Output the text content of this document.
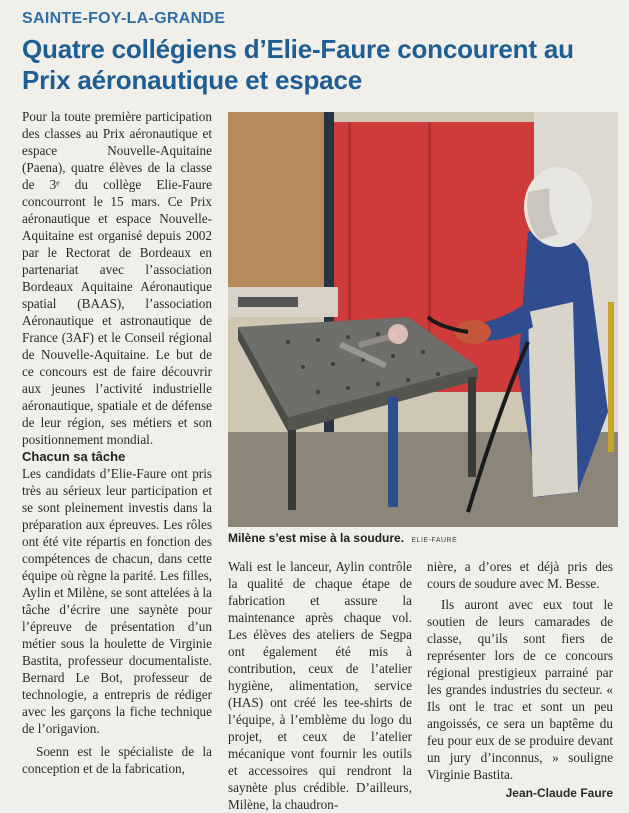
SAINTE-FOY-LA-GRANDE
Quatre collégiens d’Elie-Faure concourent au Prix aéronautique et espace

Pour la toute première participation des classes au Prix aéronautique et espace Nouvelle-Aquitaine (Paena), quatre élèves de la classe de 3ᵉ du collège Elie-Faure concourront le 15 mars. Ce Prix aéronautique et espace Nouvelle-Aquitaine est organisé depuis 2002 par le Rectorat de Bordeaux en partenariat avec l’association Bordeaux Aquitaine Aéronautique spatial (BAAS), l’association Aéronautique et astronautique de France (3AF) et le Conseil régional de Nouvelle-Aquitaine. Le but de ce concours est de faire découvrir aux jeunes l’activité industrielle aéronautique, spatiale et de défense de leur région, ses métiers et son positionnement mondial.

Chacun sa tâche

Les candidats d’Elie-Faure ont pris très au sérieux leur participation et se sont pleinement investis dans la préparation aux épreuves. Les rôles ont été vite répartis en fonction des compétences de chacun, dans cette équipe où règne la parité. Les filles, Aylin et Milène, se sont attelées à la tâche d’écrire une saynète pour l’épreuve de présentation d’un métier sous la houlette de Virginie Bastita, professeur documentaliste. Bernard Le Bot, professeur de technologie, a entrepris de rédiger avec les garçons la fiche technique de l’origavion.

Soenn est le spécialiste de la conception et de la fabrication,

Milène s’est mise à la soudure. ELIE-FAURE

Wali est le lanceur, Aylin contrôle la qualité de chaque étape de fabrication et assure la maintenance après chaque vol. Les élèves des ateliers de Segpa ont également été mis à contribution, ceux de l’atelier hygiène, alimentation, service (HAS) ont créé les tee-shirts de l’équipe, à l’emblème du logo du projet, et ceux de l’atelier mécanique vont fournir les outils et accessoires qui rendront la saynète plus crédible. D’ailleurs, Milène, la chaudron-

nière, a d’ores et déjà pris des cours de soudure avec M. Besse.

Ils auront avec eux tout le soutien de leurs camarades de classe, qu’ils sont fiers de représenter lors de ce concours régional prestigieux parrainé par les grandes industries du secteur. « Ils ont le trac et sont un peu angoissés, ce sera un baptême du feu pour eux de se produire devant un jury d’inconnus, » souligne Virginie Bastita.

Jean-Claude Faure
